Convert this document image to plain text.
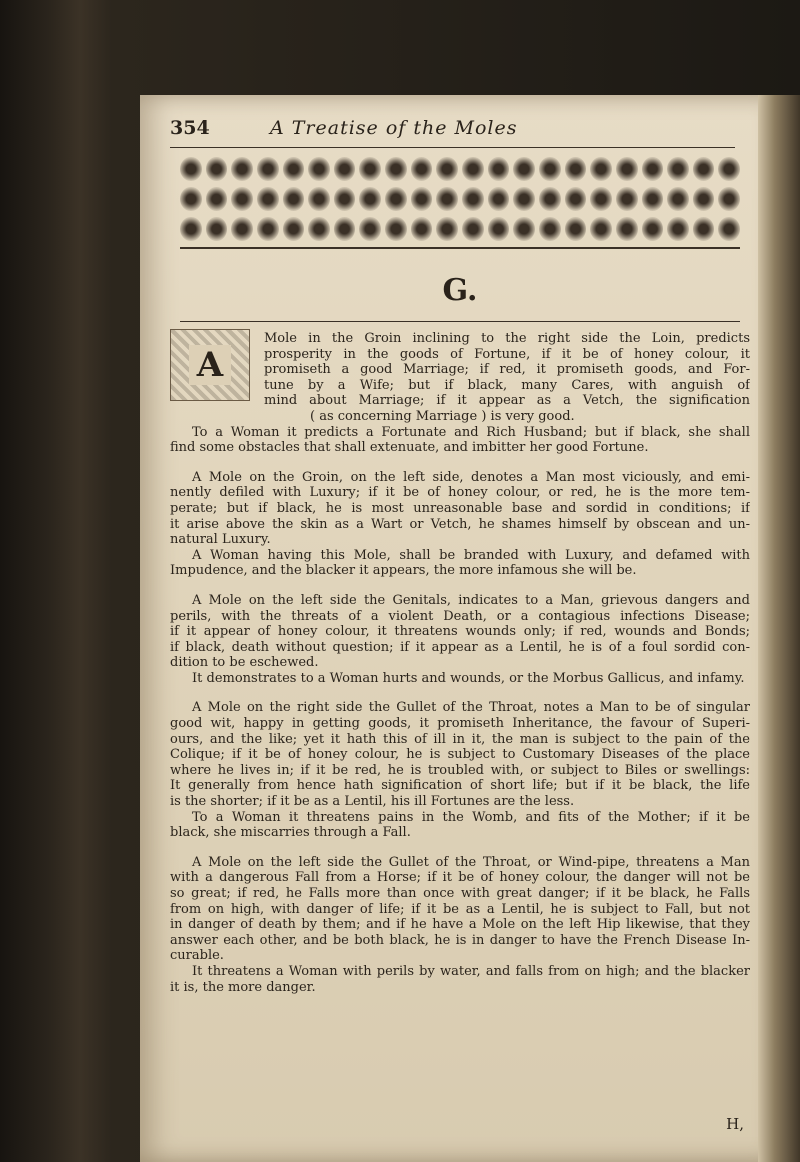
354	A Treatise of the Moles
G.
A
Mole in the Groin inclining to the right side the Loin, predicts
prosperity in the goods of Fortune, if it be of honey colour, it
promiseth a good Marriage; if red, it promiseth goods, and For-
tune by a Wife; but if black, many Cares, with anguish of
mind about Marriage; if it appear as a Vetch, the signification
( as concerning Marriage ) is very good.
To a Woman it predicts a Fortunate and Rich Husband; but if black, she shall
find some obstacles that shall extenuate, and imbitter her good Fortune.
A Mole on the Groin, on the left side, denotes a Man most viciously, and emi-
nently defiled with Luxury; if it be of honey colour, or red, he is the more tem-
perate; but if black, he is most unreasonable base and sordid in conditions; if
it arise above the skin as a Wart or Vetch, he shames himself by obscean and un-
natural Luxury.
A Woman having this Mole, shall be branded with Luxury, and defamed with
Impudence, and the blacker it appears, the more infamous she will be.
A Mole on the left side the Genitals, indicates to a Man, grievous dangers and
perils, with the threats of a violent Death, or a contagious infections Disease;
if it appear of honey colour, it threatens wounds only; if red, wounds and Bonds;
if black, death without question; if it appear as a Lentil, he is of a foul sordid con-
dition to be eschewed.
It demonstrates to a Woman hurts and wounds, or the Morbus Gallicus, and infamy.
A Mole on the right side the Gullet of the Throat, notes a Man to be of singular
good wit, happy in getting goods, it promiseth Inheritance, the favour of Superi-
ours, and the like; yet it hath this of ill in it, the man is subject to the pain of the
Colique; if it be of honey colour, he is subject to Customary Diseases of the place
where he lives in; if it be red, he is troubled with, or subject to Biles or swellings:
It generally from hence hath signification of short life; but if it be black, the life
is the shorter; if it be as a Lentil, his ill Fortunes are the less.
To a Woman it threatens pains in the Womb, and fits of the Mother; if it be
black, she miscarries through a Fall.
A Mole on the left side the Gullet of the Throat, or Wind-pipe, threatens a Man
with a dangerous Fall from a Horse; if it be of honey colour, the danger will not be
so great; if red, he Falls more than once with great danger; if it be black, he Falls
from on high, with danger of life; if it be as a Lentil, he is subject to Fall, but not
in danger of death by them; and if he have a Mole on the left Hip likewise, that they
answer each other, and be both black, he is in danger to have the French Disease In-
curable.
It threatens a Woman with perils by water, and falls from on high; and the blacker
it is, the more danger.
H,
